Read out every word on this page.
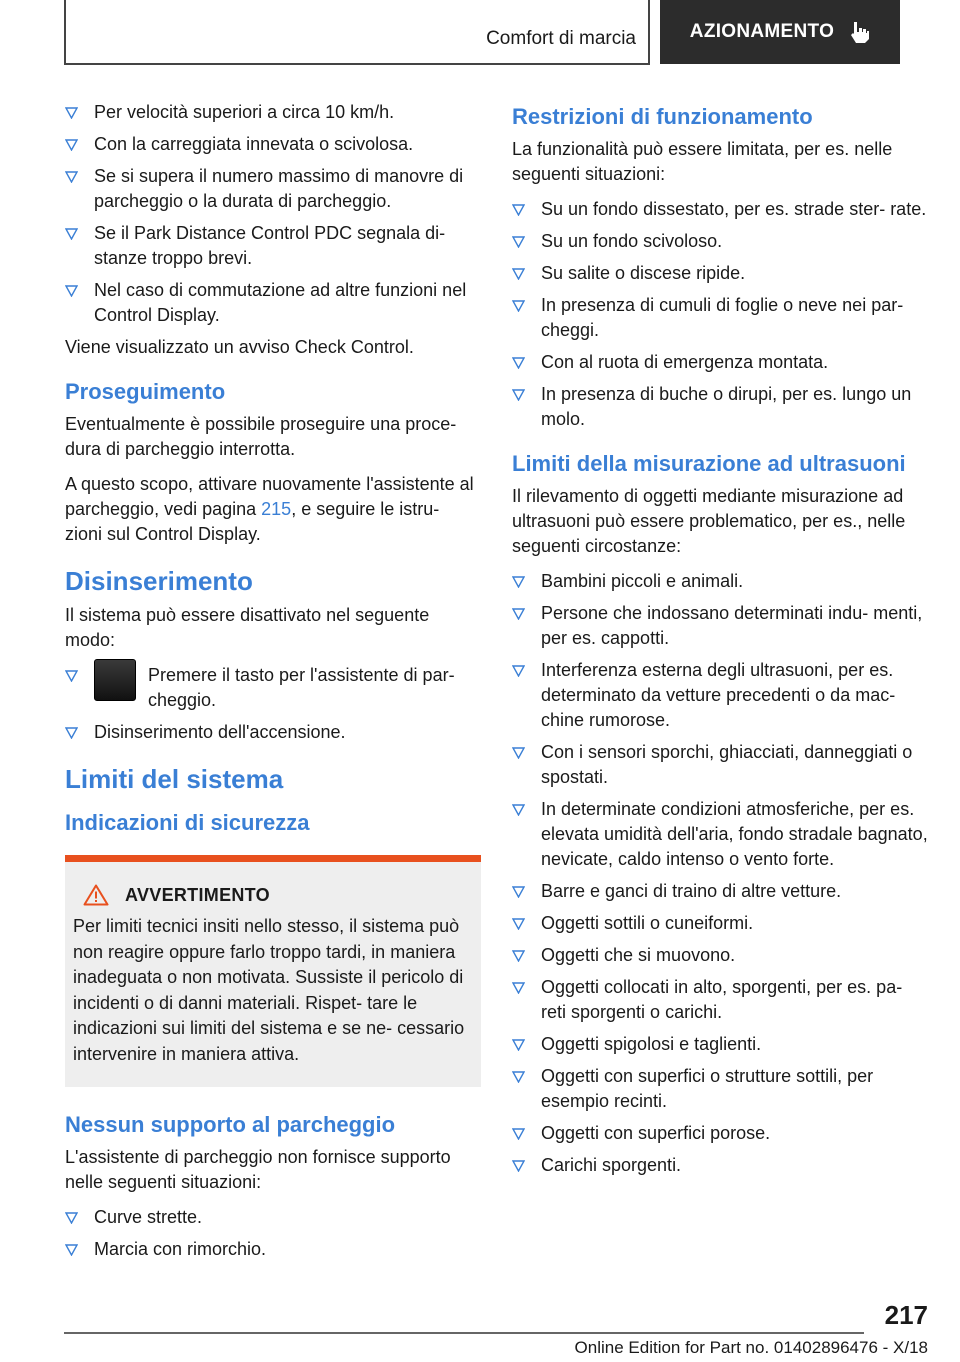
Comfort di marcia	AZIONAMENTO
Per velocità superiori a circa 10 km/h.
Con la carreggiata innevata o scivolosa.
Se si supera il numero massimo di manovre di parcheggio o la durata di parcheggio.
Se il Park Distance Control PDC segnala di‐ stanze troppo brevi.
Nel caso di commutazione ad altre funzioni nel Control Display.

Viene visualizzato un avviso Check Control.

Proseguimento

Eventualmente è possibile proseguire una proce‐ dura di parcheggio interrotta.

A questo scopo, attivare nuovamente l'assistente al parcheggio, vedi pagina 215, e seguire le istru‐ zioni sul Control Display.

Disinserimento

Il sistema può essere disattivato nel seguente modo:

Premere il tasto per l'assistente di par‐ cheggio.
Disinserimento dell'accensione.
Limiti del sistema
Indicazioni di sicurezza
AVVERTIMENTO

Per limiti tecnici insiti nello stesso, il sistema può non reagire oppure farlo troppo tardi, in maniera inadeguata o non motivata. Sussiste il pericolo di incidenti o di danni materiali. Rispet‐ tare le indicazioni sui limiti del sistema e se ne‐ cessario intervenire in maniera attiva.

Nessun supporto al parcheggio

L'assistente di parcheggio non fornisce supporto nelle seguenti situazioni:

Curve strette.
Marcia con rimorchio.
Restrizioni di funzionamento

La funzionalità può essere limitata, per es. nelle seguenti situazioni:

Su un fondo dissestato, per es. strade ster‐ rate.
Su un fondo scivoloso.
Su salite o discese ripide.
In presenza di cumuli di foglie o neve nei par‐ cheggi.
Con al ruota di emergenza montata.
In presenza di buche o dirupi, per es. lungo un molo.
Limiti della misurazione ad ultrasuoni

Il rilevamento di oggetti mediante misurazione ad ultrasuoni può essere problematico, per es., nelle seguenti circostanze:

Bambini piccoli e animali.
Persone che indossano determinati indu‐ menti, per es. cappotti.
Interferenza esterna degli ultrasuoni, per es. determinato da vetture precedenti o da mac‐ chine rumorose.
Con i sensori sporchi, ghiacciati, danneggiati o spostati.
In determinate condizioni atmosferiche, per es. elevata umidità dell'aria, fondo stradale bagnato, nevicate, caldo intenso o vento forte.
Barre e ganci di traino di altre vetture.
Oggetti sottili o cuneiformi.
Oggetti che si muovono.
Oggetti collocati in alto, sporgenti, per es. pa‐ reti sporgenti o carichi.
Oggetti spigolosi e taglienti.
Oggetti con superfici o strutture sottili, per esempio recinti.
Oggetti con superfici porose.
Carichi sporgenti.
217
Online Edition for Part no. 01402896476 - X/18
